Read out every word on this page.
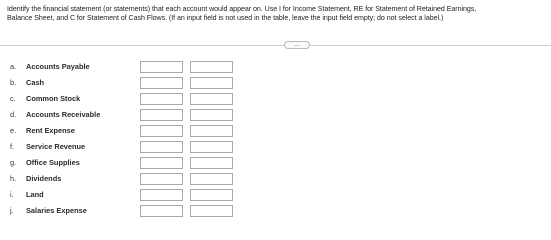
Identify the financial statement (or statements) that each account would appear on. Use I for Income Statement, RE for Statement of Retained Earnings,
Balance Sheet, and C for Statement of Cash Flows. (If an input field is not used in the table, leave the input field empty; do not select a label.)
...
a. Accounts Payable
b. Cash
c. Common Stock
d. Accounts Receivable
e. Rent Expense
f. Service Revenue
g. Office Supplies
h. Dividends
i. Land
j. Salaries Expense
